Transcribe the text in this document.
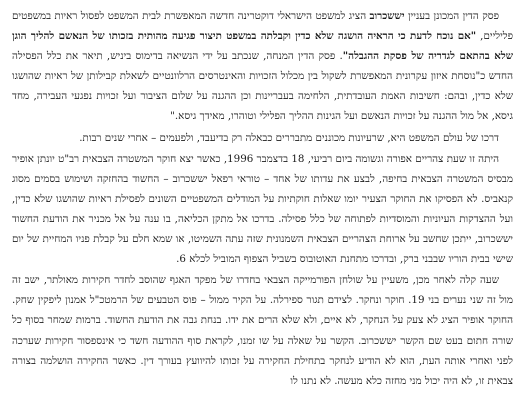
פסק הדין המכונן בעניין יששכרוב הציג למשפט הישראלי דוקטרינה חדשה המאפשרת לבית המשפט לפסול ראיות במשפטים פליליים, "אם נוכח לדעת כי הראיה הושגה שלא כדין וקבלתה במשפט תיצור פגיעה מהותית בזכותו של הנאשם להליך הוגן שלא בהתאם לגדריה של פסקת ההגבלה". פסק הדין המנחה, שנכתב על ידי הנשיאה בדימוס ביניש, תיאר את כלל הפסילה החדש כ"נוסחת איזון עקרונית המאפשרת לשקול בין מכלול הזכויות והאינטרסים הרלוונטיים לשאלת קבילותן של ראיות שהושגו שלא כדין, ובהם: חשיבות האמת העובדתית, הלחימה בעבריינות וכן ההגנה על שלום הציבור ועל זכויות נפגעי העבירה, מחד גיסא, אל מול ההגנה על זכויות הנאשם ועל הגינות ההליך הפלילי וטוהרו, מאידך גיסא."

דרכו של עולם המשפט היא, שרעיונות מכוננים מתבררים כבאלה רק בדיעבד, ולפעמים – אחרי שנים רבות.

היתה זו שעת צהריים אפורה וגשומה ביום רביעי, 18 בדצמבר 1996, כאשר יצא חוקר המשטרה הצבאית רב"ט יונתן אופיר מבסיס המשטרה הצבאית בחיפה, לבצע את עדותו של אחד – טוראי רפאל יששכרוב – החשוד בהחזקה ושימוש בסמים מסוג קנאביס. לא הפסיקו את החוקר הצעיר יומו שאלות חוקתיות על המודלים המשפטיים השונים לפסילת ראיות שהושגו שלא כדין, ועל ההצדקות העיוניות והמוסדיות לפתוחה של כלל פסילה. בדרכו אל מתקן הכליאה, בו ענה על אל מכניר את הודעת החשוד יששכרוב, ייתכן שחשב על ארוחת הצהריים הצבאית השמנונית שזה עתה השמיטו, או שמא חלם על קבלת פניו המחיית של יום שישי בבית הוריו שבבני ברק, ובדרכו מתחנת האוטובוס בשביל הצפוף המוביל לכלא 6.

שעה קלה לאחר מכן, משעיין על שולחן הפורמייקה הצבאי בחדרו של מפקד האגף שהוסב לחדר חקירות מאולתר, ישב זה מול זה שני נערים בני 19. חוקר ונחקר. לצידם תגור ספירלה. על הקיר ממול – פוס הטבעים של הרמטכ"ל אמנון ליפקין שחק. החוקר אופיר הציג לא צעק על הנחקר, לא איים, ולא שלא הרים את ידו. בנחת גבה את הודעת החשוד. ברמות שמחר בסוף כל שורה חתום בעט שם הקשר יששכרוב. הקשר על שאלה על שו זמנו, לקראת סוף ההודעה חשד כי אינספסור חקירות שערכה לפני ואחרי אותה העת, הוא לא הודיע לנחקר בתחילת החקירה על זכותו להיוועץ בעורך דין. כאשר החקירה הושלמה בצורה צבאית זו, לא היה יכול מני מחזה כלא מעשה. לא נתנו לו
